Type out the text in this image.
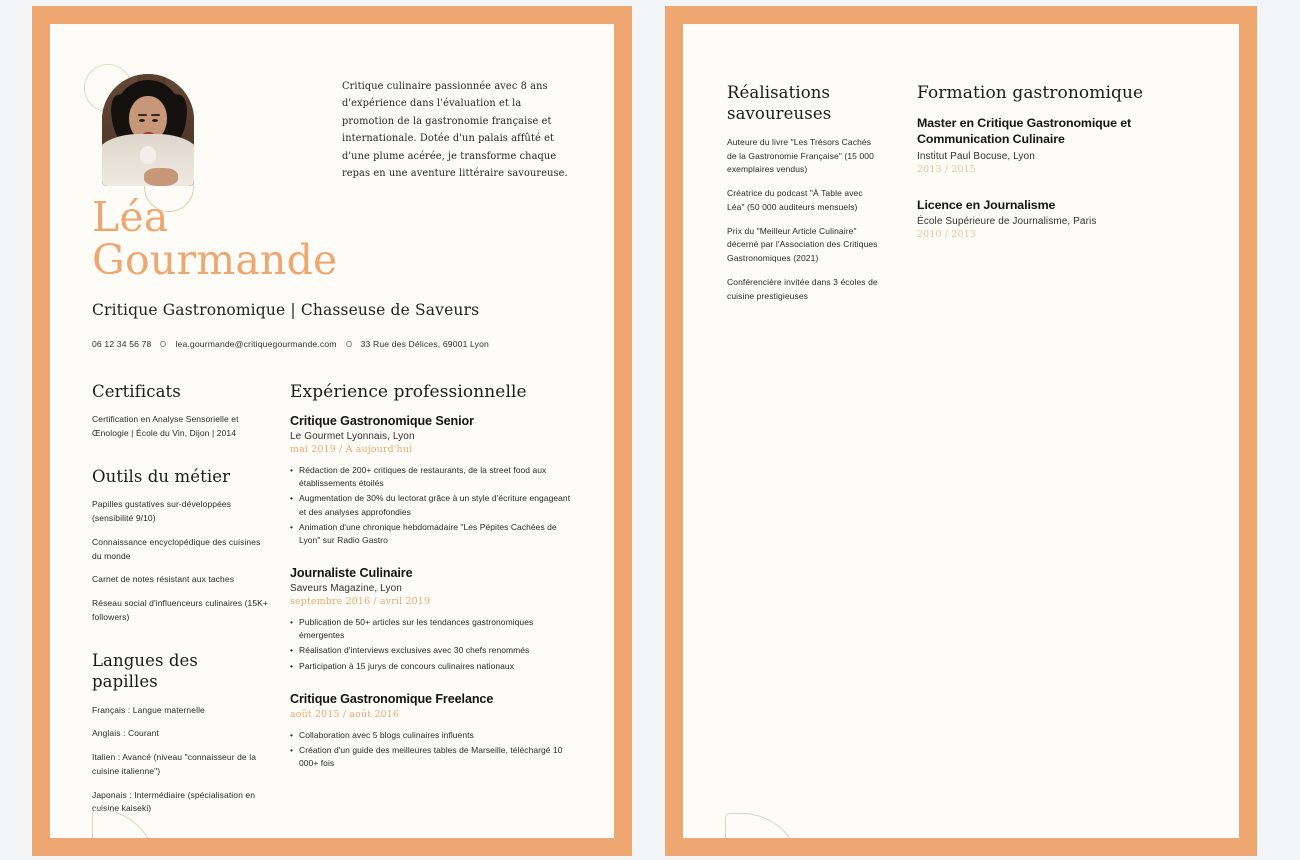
Critique culinaire passionnée avec 8 ans d'expérience dans l'évaluation et la promotion de la gastronomie française et internationale. Dotée d'un palais affûté et d'une plume acérée, je transforme chaque repas en une aventure littéraire savoureuse.
Léa
Gourmande
Critique Gastronomique | Chasseuse de Saveurs
06 12 34 56 78	lea.gourmande@critiquegourmande.com	33 Rue des Délices, 69001 Lyon
Certificats
Certification en Analyse Sensorielle et Œnologie | École du Vin, Dijon | 2014
Outils du métier
Papilles gustatives sur-développées (sensibilité 9/10)
Connaissance encyclopédique des cuisines du monde
Carnet de notes résistant aux taches
Réseau social d'influenceurs culinaires (15K+ followers)
Langues des papilles
Français : Langue maternelle
Anglais : Courant
Italien : Avancé (niveau "connaisseur de la cuisine italienne")
Japonais : Intermédiaire (spécialisation en cuisine kaiseki)
Expérience professionnelle
Critique Gastronomique Senior
Le Gourmet Lyonnais, Lyon
mai 2019 / À aujourd'hui
• Rédaction de 200+ critiques de restaurants, de la street food aux établissements étoilés
• Augmentation de 30% du lectorat grâce à un style d'écriture engageant et des analyses approfondies
• Animation d'une chronique hebdomadaire "Les Pépites Cachées de Lyon" sur Radio Gastro
Journaliste Culinaire
Saveurs Magazine, Lyon
septembre 2016 / avril 2019
• Publication de 50+ articles sur les tendances gastronomiques émergentes
• Réalisation d'interviews exclusives avec 30 chefs renommés
• Participation à 15 jurys de concours culinaires nationaux
Critique Gastronomique Freelance
août 2015 / août 2016
• Collaboration avec 5 blogs culinaires influents
• Création d'un guide des meilleures tables de Marseille, téléchargé 10 000+ fois
Réalisations savoureuses
Auteure du livre "Les Trésors Cachés de la Gastronomie Française" (15 000 exemplaires vendus)
Créatrice du podcast "À Table avec Léa" (50 000 auditeurs mensuels)
Prix du "Meilleur Article Culinaire" décerné par l'Association des Critiques Gastronomiques (2021)
Conférencière invitée dans 3 écoles de cuisine prestigieuses
Formation gastronomique
Master en Critique Gastronomique et Communication Culinaire
Institut Paul Bocuse, Lyon
2013 / 2015
Licence en Journalisme
École Supérieure de Journalisme, Paris
2010 / 2013
